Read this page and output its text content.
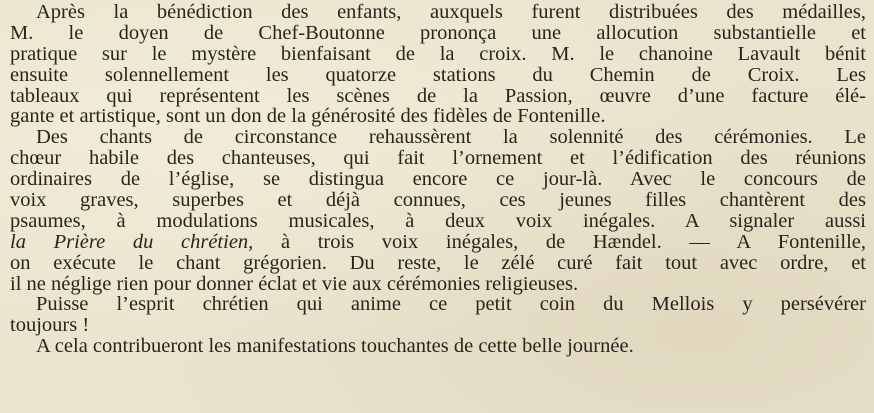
Après la bénédiction des enfants, auxquels furent distribuées des médailles,
M. le doyen de Chef-Boutonne prononça une allocution substantielle et
pratique sur le mystère bienfaisant de la croix. M. le chanoine Lavault bénit
ensuite solennellement les quatorze stations du Chemin de Croix. Les
tableaux qui représentent les scènes de la Passion, œuvre d’une facture élé-
gante et artistique, sont un don de la générosité des fidèles de Fontenille.
Des chants de circonstance rehaussèrent la solennité des cérémonies. Le
chœur habile des chanteuses, qui fait l’ornement et l’édification des réunions
ordinaires de l’église, se distingua encore ce jour-là. Avec le concours de
voix graves, superbes et déjà connues, ces jeunes filles chantèrent des
psaumes, à modulations musicales, à deux voix inégales. A signaler aussi
la Prière du chrétien, à trois voix inégales, de Hændel. — A Fontenille,
on exécute le chant grégorien. Du reste, le zélé curé fait tout avec ordre, et
il ne néglige rien pour donner éclat et vie aux cérémonies religieuses.
Puisse l’esprit chrétien qui anime ce petit coin du Mellois y persévérer
toujours !
A cela contribueront les manifestations touchantes de cette belle journée.
